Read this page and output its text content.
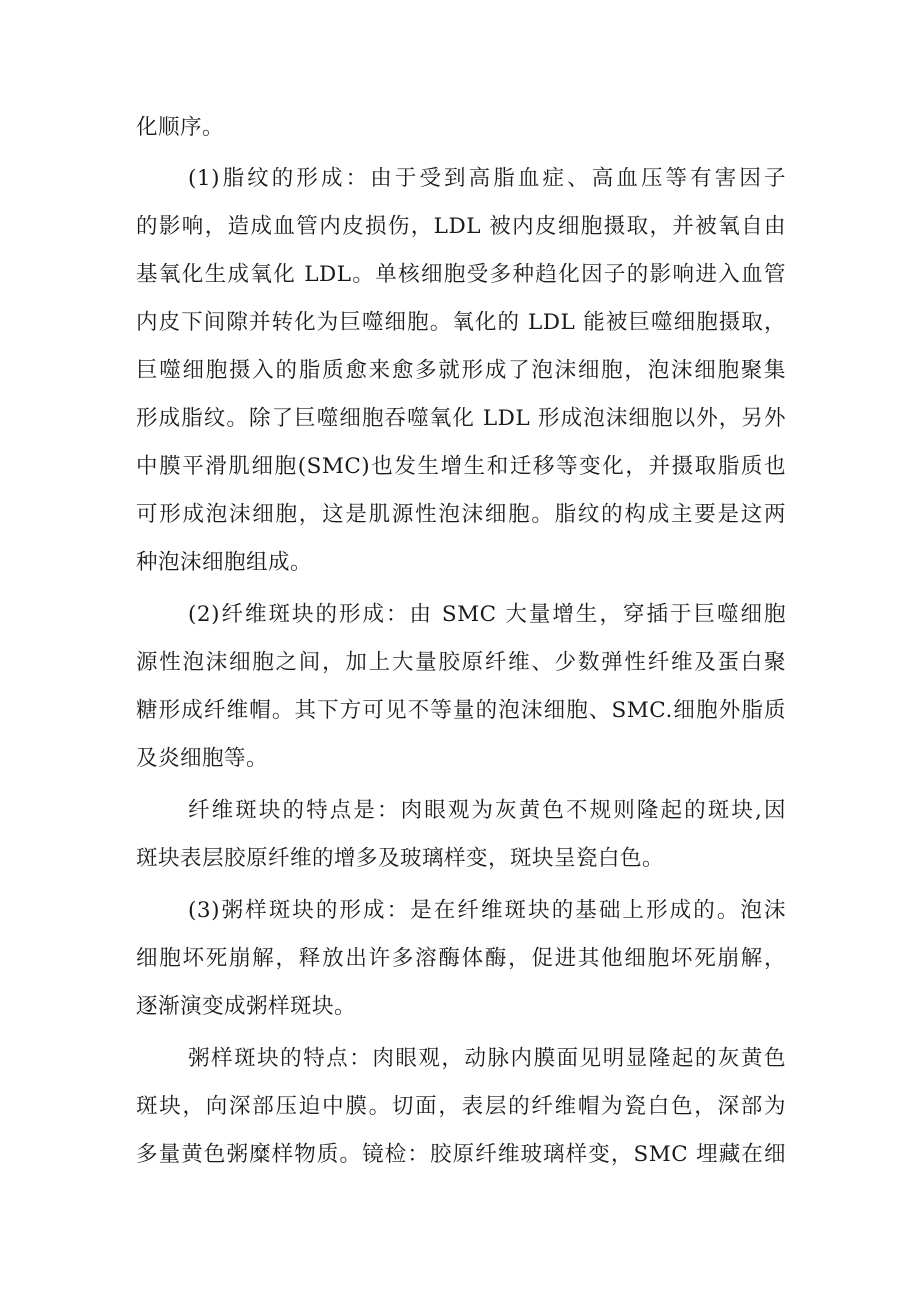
化顺序。
(1)脂纹的形成：由于受到高脂血症、高血压等有害因子
的影响，造成血管内皮损伤，LDL 被内皮细胞摄取，并被氧自由
基氧化生成氧化 LDL。单核细胞受多种趋化因子的影响进入血管
内皮下间隙并转化为巨噬细胞。氧化的 LDL 能被巨噬细胞摄取，
巨噬细胞摄入的脂质愈来愈多就形成了泡沫细胞，泡沫细胞聚集
形成脂纹。除了巨噬细胞吞噬氧化 LDL 形成泡沫细胞以外，另外
中膜平滑肌细胞(SMC)也发生增生和迁移等变化，并摄取脂质也
可形成泡沫细胞，这是肌源性泡沫细胞。脂纹的构成主要是这两
种泡沫细胞组成。
(2)纤维斑块的形成：由 SMC 大量增生，穿插于巨噬细胞
源性泡沫细胞之间，加上大量胶原纤维、少数弹性纤维及蛋白聚
糖形成纤维帽。其下方可见不等量的泡沫细胞、SMC.细胞外脂质
及炎细胞等。
纤维斑块的特点是：肉眼观为灰黄色不规则隆起的斑块,因
斑块表层胶原纤维的增多及玻璃样变，斑块呈瓷白色。
(3)粥样斑块的形成：是在纤维斑块的基础上形成的。泡沫
细胞坏死崩解，释放出许多溶酶体酶，促进其他细胞坏死崩解，
逐渐演变成粥样斑块。
粥样斑块的特点：肉眼观，动脉内膜面见明显隆起的灰黄色
斑块，向深部压迫中膜。切面，表层的纤维帽为瓷白色，深部为
多量黄色粥糜样物质。镜检：胶原纤维玻璃样变，SMC 埋藏在细
